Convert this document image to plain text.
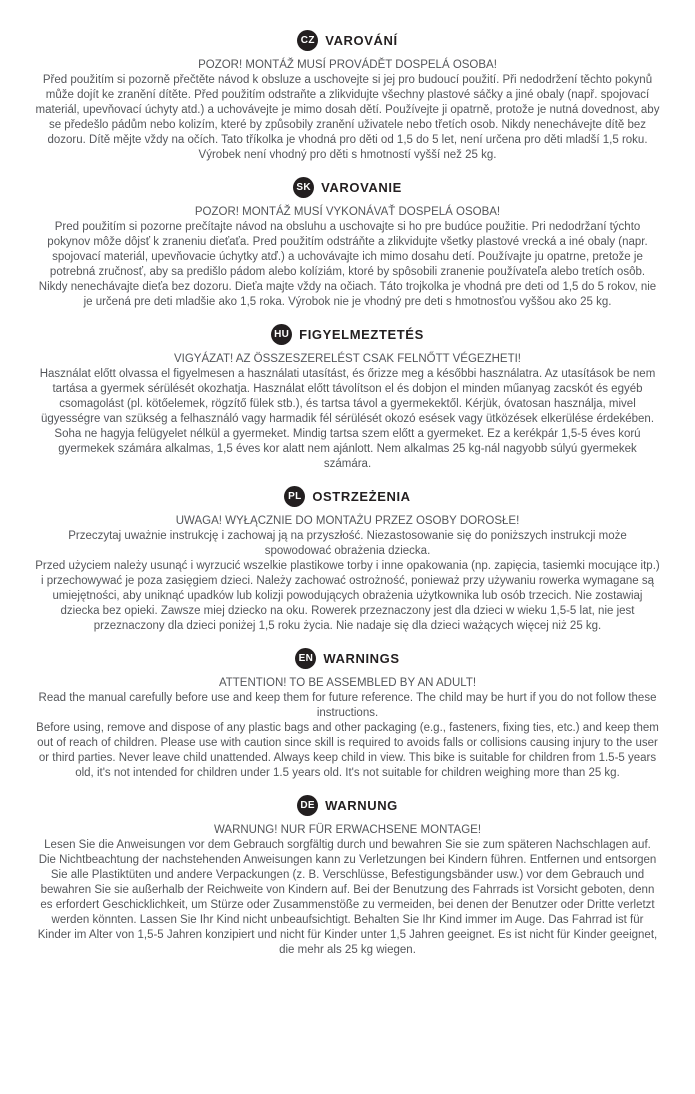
CZ VAROVÁNÍ

POZOR! MONTÁŽ MUSÍ PROVÁDĚT DOSPELÁ OSOBA!

Před použitím si pozorně přečtěte návod k obsluze a uschovejte si jej pro budoucí použití. Při nedodržení těchto pokynů může dojít ke zranění dítěte. Před použitím odstraňte a zlikvidujte všechny plastové sáčky a jiné obaly (např. spojovací materiál, upevňovací úchyty atd.) a uchovávejte je mimo dosah dětí. Používejte ji opatrně, protože je nutná dovednost, aby se předešlo pádům nebo kolizím, které by způsobily zranění uživatele nebo třetích osob. Nikdy nenechávejte dítě bez dozoru. Dítě mějte vždy na očích. Tato tříkolka je vhodná pro děti od 1,5 do 5 let, není určena pro děti mladší 1,5 roku. Výrobek není vhodný pro děti s hmotností vyšší než 25 kg.

SK VAROVANIE

POZOR! MONTÁŽ MUSÍ VYKONÁVAŤ DOSPELÁ OSOBA!

Pred použitím si pozorne prečítajte návod na obsluhu a uschovajte si ho pre budúce použitie. Pri nedodržaní týchto pokynov môže dôjsť k zraneniu dieťaťa. Pred použitím odstráňte a zlikvidujte všetky plastové vrecká a iné obaly (napr. spojovací materiál, upevňovacie úchytky atď.) a uchovávajte ich mimo dosahu detí. Používajte ju opatrne, pretože je potrebná zručnosť, aby sa predišlo pádom alebo kolíziám, ktoré by spôsobili zranenie používateľa alebo tretích osôb. Nikdy nenechávajte dieťa bez dozoru. Dieťa majte vždy na očiach. Táto trojkolka je vhodná pre deti od 1,5 do 5 rokov, nie je určená pre deti mladšie ako 1,5 roka. Výrobok nie je vhodný pre deti s hmotnosťou vyššou ako 25 kg.

HU FIGYELMEZTETÉS

VIGYÁZAT! AZ ÖSSZESZERELÉST CSAK FELNŐTT VÉGEZHETI!

Használat előtt olvassa el figyelmesen a használati utasítást, és őrizze meg a későbbi használatra. Az utasítások be nem tartása a gyermek sérülését okozhatja. Használat előtt távolítson el és dobjon el minden műanyag zacskót és egyéb csomagolást (pl. kötőelemek, rögzítő fülek stb.), és tartsa távol a gyermekektől. Kérjük, óvatosan használja, mivel ügyességre van szükség a felhasználó vagy harmadik fél sérülését okozó esések vagy ütközések elkerülése érdekében. Soha ne hagyja felügyelet nélkül a gyermeket. Mindig tartsa szem előtt a gyermeket. Ez a kerékpár 1,5-5 éves korú gyermekek számára alkalmas, 1,5 éves kor alatt nem ajánlott. Nem alkalmas 25 kg-nál nagyobb súlyú gyermekek számára.

PL OSTRZEŻENIA

UWAGA! WYŁĄCZNIE DO MONTAŻU PRZEZ OSOBY DOROSŁE!

Przeczytaj uważnie instrukcję i zachowaj ją na przyszłość. Niezastosowanie się do poniższych instrukcji może spowodować obrażenia dziecka.

Przed użyciem należy usunąć i wyrzucić wszelkie plastikowe torby i inne opakowania (np. zapięcia, tasiemki mocujące itp.) i przechowywać je poza zasięgiem dzieci. Należy zachować ostrożność, ponieważ przy używaniu rowerka wymagane są umiejętności, aby uniknąć upadków lub kolizji powodujących obrażenia użytkownika lub osób trzecich. Nie zostawiaj dziecka bez opieki. Zawsze miej dziecko na oku. Rowerek przeznaczony jest dla dzieci w wieku 1,5-5 lat, nie jest przeznaczony dla dzieci poniżej 1,5 roku życia. Nie nadaje się dla dzieci ważących więcej niż 25 kg.

EN WARNINGS

ATTENTION! TO BE ASSEMBLED BY AN ADULT!

Read the manual carefully before use and keep them for future reference. The child may be hurt if you do not follow these instructions.

Before using, remove and dispose of any plastic bags and other packaging (e.g., fasteners, fixing ties, etc.) and keep them out of reach of children. Please use with caution since skill is required to avoids falls or collisions causing injury to the user or third parties. Never leave child unattended. Always keep child in view. This bike is suitable for children from 1.5-5 years old, it's not intended for children under 1.5 years old. It's not suitable for children weighing more than 25 kg.

DE WARNUNG

WARNUNG! NUR FÜR ERWACHSENE MONTAGE!

Lesen Sie die Anweisungen vor dem Gebrauch sorgfältig durch und bewahren Sie sie zum späteren Nachschlagen auf. Die Nichtbeachtung der nachstehenden Anweisungen kann zu Verletzungen bei Kindern führen. Entfernen und entsorgen Sie alle Plastiktüten und andere Verpackungen (z. B. Verschlüsse, Befestigungsbänder usw.) vor dem Gebrauch und bewahren Sie sie außerhalb der Reichweite von Kindern auf. Bei der Benutzung des Fahrrads ist Vorsicht geboten, denn es erfordert Geschicklichkeit, um Stürze oder Zusammenstöße zu vermeiden, bei denen der Benutzer oder Dritte verletzt werden könnten. Lassen Sie Ihr Kind nicht unbeaufsichtigt. Behalten Sie Ihr Kind immer im Auge. Das Fahrrad ist für Kinder im Alter von 1,5-5 Jahren konzipiert und nicht für Kinder unter 1,5 Jahren geeignet. Es ist nicht für Kinder geeignet, die mehr als 25 kg wiegen.
